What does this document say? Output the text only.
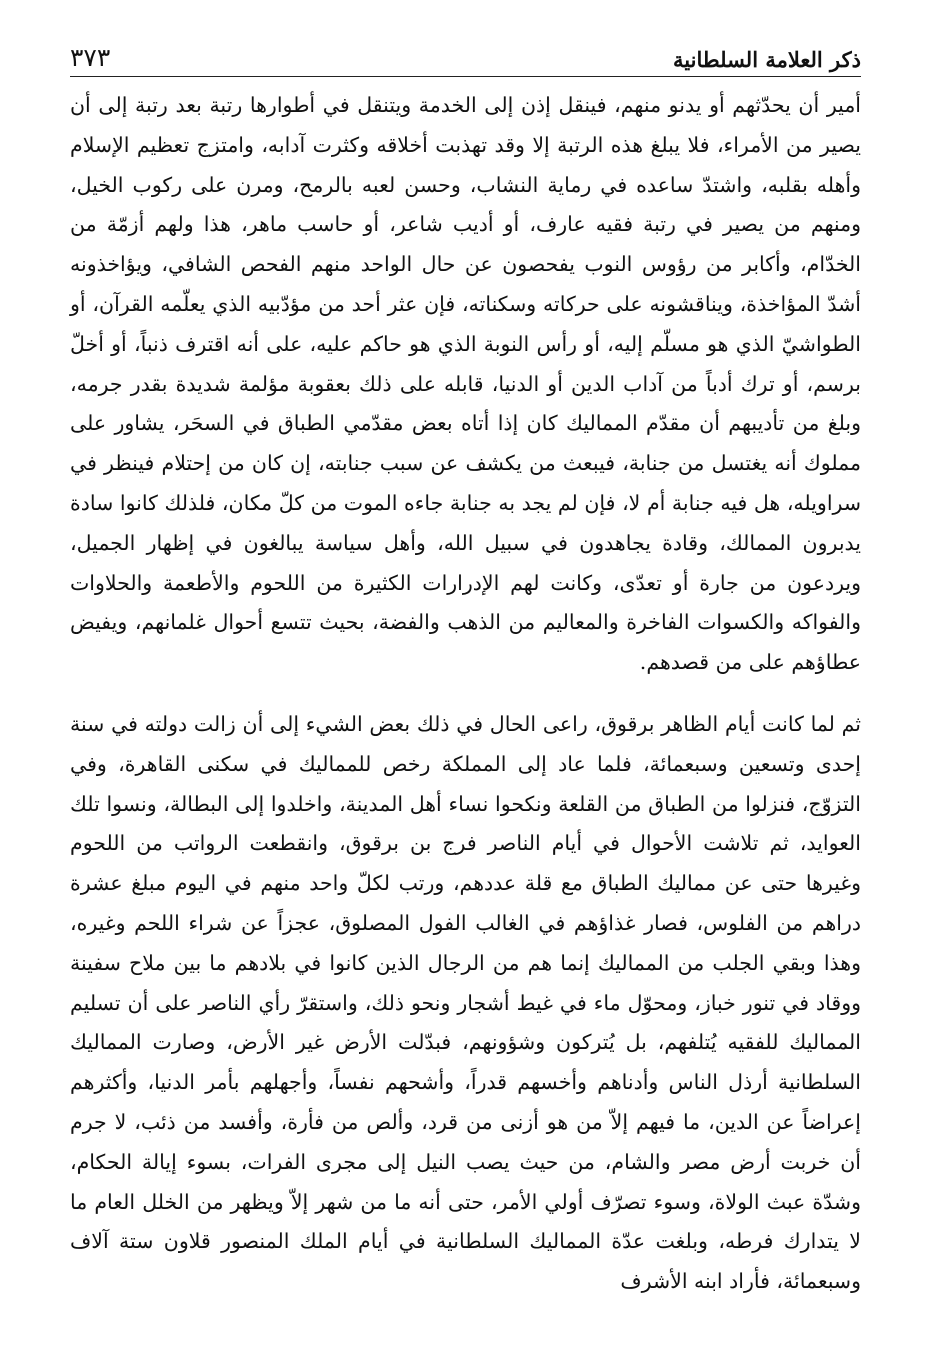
ذكر العلامة السلطانية
٣٧٣

أمير أن يحدّثهم أو يدنو منهم، فينقل إذن إلى الخدمة ويتنقل في أطوارها رتبة بعد رتبة إلى أن يصير من الأمراء، فلا يبلغ هذه الرتبة إلا وقد تهذبت أخلاقه وكثرت آدابه، وامتزج تعظيم الإسلام وأهله بقلبه، واشتدّ ساعده في رماية النشاب، وحسن لعبه بالرمح، ومرن على ركوب الخيل، ومنهم من يصير في رتبة فقيه عارف، أو أديب شاعر، أو حاسب ماهر، هذا ولهم أزمّة من الخدّام، وأكابر من رؤوس النوب يفحصون عن حال الواحد منهم الفحص الشافي، ويؤاخذونه أشدّ المؤاخذة، ويناقشونه على حركاته وسكناته، فإن عثر أحد من مؤدّبيه الذي يعلّمه القرآن، أو الطواشيّ الذي هو مسلّم إليه، أو رأس النوبة الذي هو حاكم عليه، على أنه اقترف ذنباً، أو أخلّ برسم، أو ترك أدباً من آداب الدين أو الدنيا، قابله على ذلك بعقوبة مؤلمة شديدة بقدر جرمه، وبلغ من تأديبهم أن مقدّم المماليك كان إذا أتاه بعض مقدّمي الطباق في السحَر، يشاور على مملوك أنه يغتسل من جنابة، فيبعث من يكشف عن سبب جنابته، إن كان من إحتلام فينظر في سراويله، هل فيه جنابة أم لا، فإن لم يجد به جنابة جاءه الموت من كلّ مكان، فلذلك كانوا سادة يدبرون الممالك، وقادة يجاهدون في سبيل الله، وأهل سياسة يبالغون في إظهار الجميل، ويردعون من جارة أو تعدّى، وكانت لهم الإدرارات الكثيرة من اللحوم والأطعمة والحلاوات والفواكه والكسوات الفاخرة والمعاليم من الذهب والفضة، بحيث تتسع أحوال غلمانهم، ويفيض عطاؤهم على من قصدهم.

ثم لما كانت أيام الظاهر برقوق، راعى الحال في ذلك بعض الشيء إلى أن زالت دولته في سنة إحدى وتسعين وسبعمائة، فلما عاد إلى المملكة رخص للمماليك في سكنى القاهرة، وفي التزوّج، فنزلوا من الطباق من القلعة ونكحوا نساء أهل المدينة، واخلدوا إلى البطالة، ونسوا تلك العوايد، ثم تلاشت الأحوال في أيام الناصر فرج بن برقوق، وانقطعت الرواتب من اللحوم وغيرها حتى عن مماليك الطباق مع قلة عددهم، ورتب لكلّ واحد منهم في اليوم مبلغ عشرة دراهم من الفلوس، فصار غذاؤهم في الغالب الفول المصلوق، عجزاً عن شراء اللحم وغيره، وهذا وبقي الجلب من المماليك إنما هم من الرجال الذين كانوا في بلادهم ما بين ملاح سفينة ووقاد في تنور خباز، ومحوّل ماء في غيط أشجار ونحو ذلك، واستقرّ رأي الناصر على أن تسليم المماليك للفقيه يُتلفهم، بل يُتركون وشؤونهم، فبدّلت الأرض غير الأرض، وصارت المماليك السلطانية أرذل الناس وأدناهم وأخسهم قدراً، وأشحهم نفساً، وأجهلهم بأمر الدنيا، وأكثرهم إعراضاً عن الدين، ما فيهم إلاّ من هو أزنى من قرد، وألص من فأرة، وأفسد من ذئب، لا جرم أن خربت أرض مصر والشام، من حيث يصب النيل إلى مجرى الفرات، بسوء إيالة الحكام، وشدّة عبث الولاة، وسوء تصرّف أولي الأمر، حتى أنه ما من شهر إلاّ ويظهر من الخلل العام ما لا يتدارك فرطه، وبلغت عدّة المماليك السلطانية في أيام الملك المنصور قلاون ستة آلاف وسبعمائة، فأراد ابنه الأشرف
